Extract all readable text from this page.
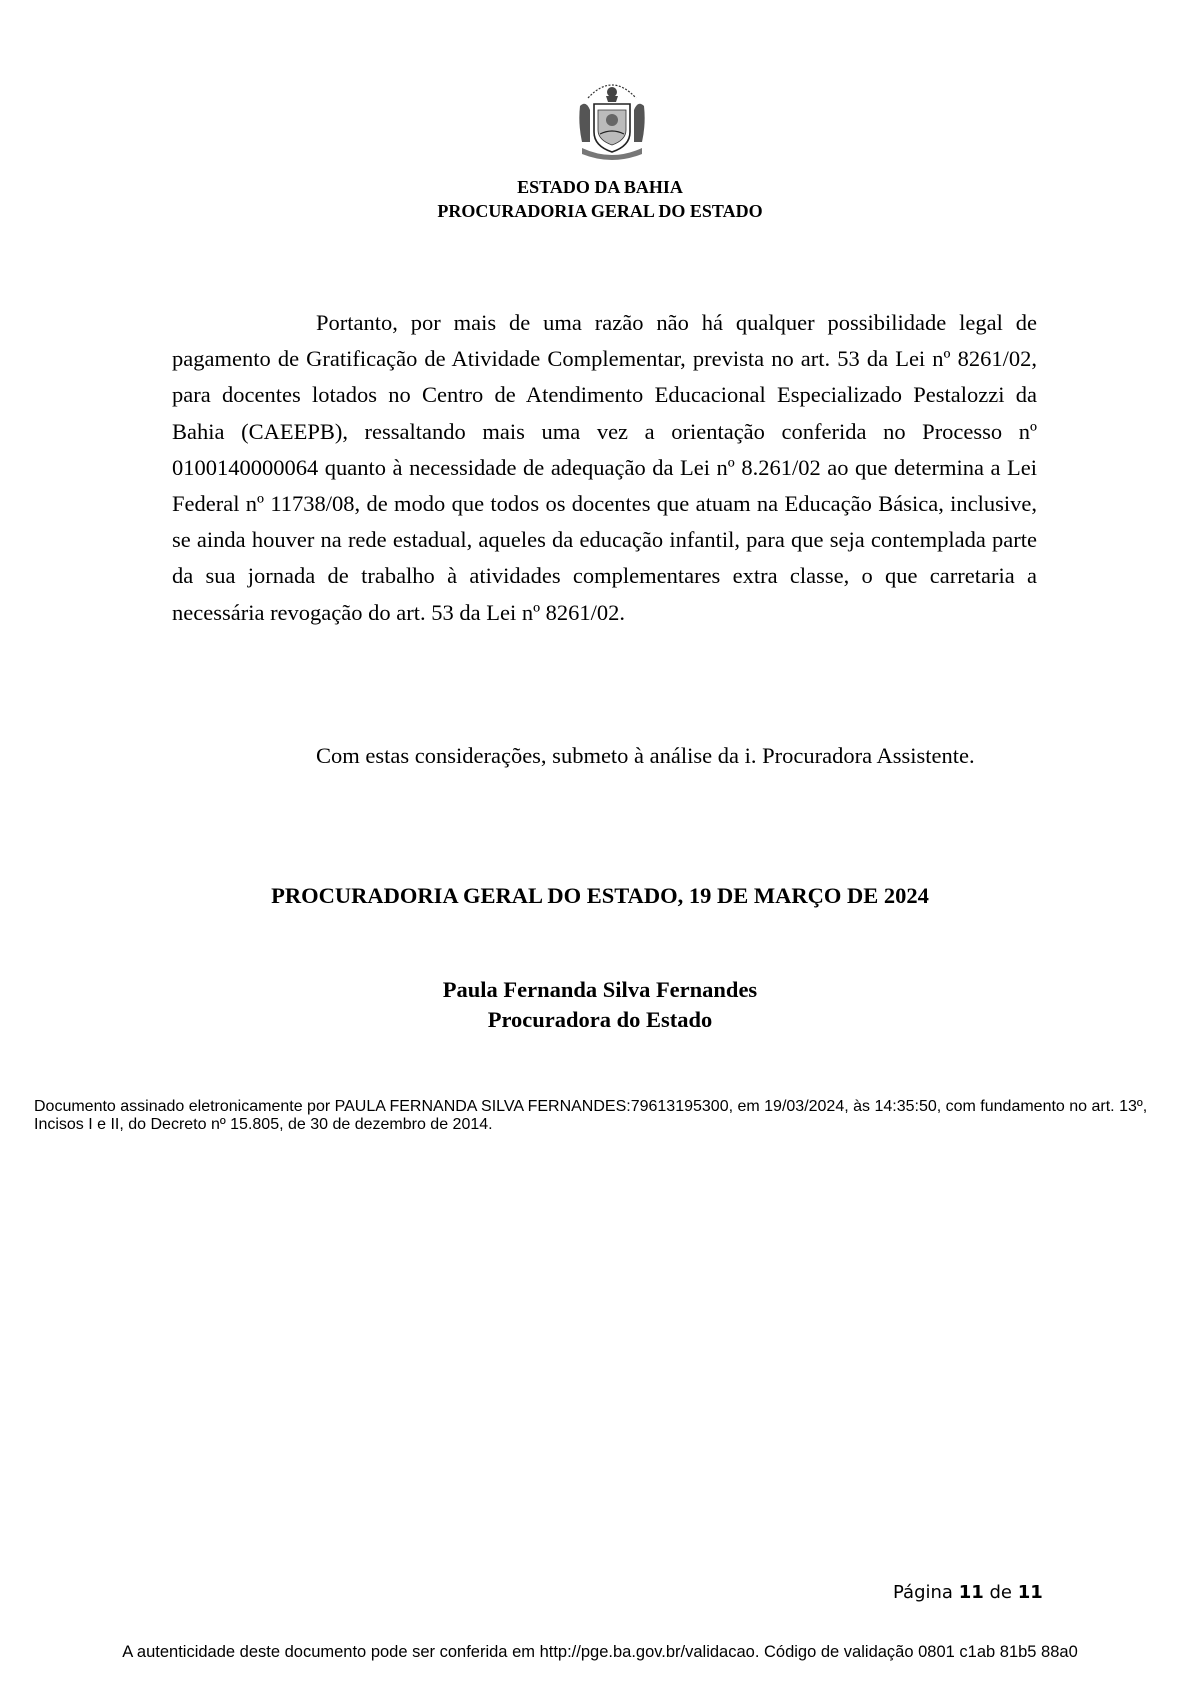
ESTADO DA BAHIA
PROCURADORIA GERAL DO ESTADO

Portanto, por mais de uma razão não há qualquer possibilidade legal de pagamento de Gratificação de Atividade Complementar, prevista no art. 53 da Lei nº 8261/02, para docentes lotados no Centro de Atendimento Educacional Especializado Pestalozzi da Bahia (CAEEPB), ressaltando mais uma vez a orientação conferida no Processo nº 0100140000064 quanto à necessidade de adequação da Lei nº 8.261/02 ao que determina a Lei Federal nº 11738/08, de modo que todos os docentes que atuam na Educação Básica, inclusive, se ainda houver na rede estadual, aqueles da educação infantil, para que seja contemplada parte da sua jornada de trabalho à atividades complementares extra classe, o que carretaria a necessária revogação do art. 53 da Lei nº 8261/02.

Com estas considerações, submeto à análise da i. Procuradora Assistente.

PROCURADORIA GERAL DO ESTADO, 19 DE MARÇO DE 2024
Paula Fernanda Silva Fernandes
Procuradora do Estado
Documento assinado eletronicamente por PAULA FERNANDA SILVA FERNANDES:79613195300, em 19/03/2024, às 14:35:50, com fundamento no art. 13º, Incisos I e II, do Decreto nº 15.805, de 30 de dezembro de 2014.
Página 11 de 11
A autenticidade deste documento pode ser conferida em http://pge.ba.gov.br/validacao. Código de validação 0801 c1ab 81b5 88a0
